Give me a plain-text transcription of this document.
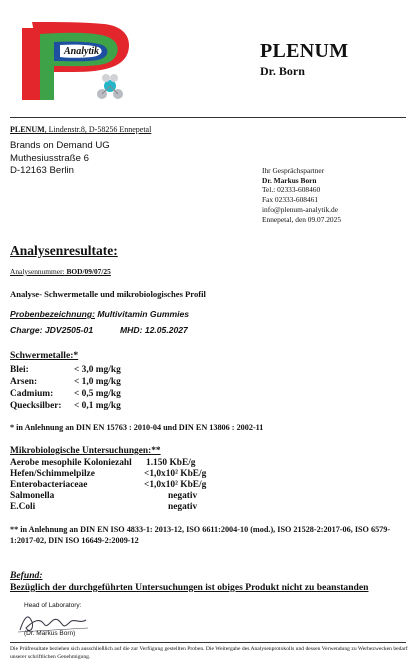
Analytik	PLENUM
Dr. Born
PLENUM, Lindenstr.8, D-58256 Ennepetal
Brands on Demand UG
Muthesiusstraße 6
D-12163 Berlin	Ihr Gesprächspartner
Dr. Markus Born
Tel.: 02333-608460
Fax 02333-608461
info@plenum-analytik.de
Ennepetal, den 09.07.2025
Analysenresultate:
Analysennummer: BOD/09/07/25
Analyse- Schwermetalle und mikrobiologisches Profil
Probenbezeichnung: Multivitamin Gummies
Charge: JDV2505-01	MHD: 12.05.2027
Schwermetalle:*
Blei:	< 3,0 mg/kg
Arsen:	< 1,0 mg/kg
Cadmium: < 0,5 mg/kg
Quecksilber: < 0,1 mg/kg
* in Anlehnung an DIN EN 15763 : 2010-04 und DIN EN 13806 : 2002-11
Mikrobiologische Untersuchungen:**
Aerobe mesophile Koloniezahl 1.150 KbE/g
Hefen/Schimmelpilze	<1,0x10² KbE/g
Enterobacteriaceae	<1,0x10² KbE/g
Salmonella	negativ
E.Coli	negativ
** in Anlehnung an DIN EN ISO 4833-1: 2013-12, ISO 6611:2004-10 (mod.), ISO 21528-2:2017-06, ISO 6579-1:2017-02, DIN ISO 16649-2:2009-12
Befund:
Bezüglich der durchgeführten Untersuchungen ist obiges Produkt nicht zu beanstanden
Head of Laboratory:
(Dr. Markus Born)
Die Prüfresultate beziehen sich ausschließlich auf die zur Verfügung gestellten Proben. Die Weitergabe des Analysenprotokolls und dessen Verwendung zu Werbezwecken bedarf unserer schriftlichen Genehmigung.
